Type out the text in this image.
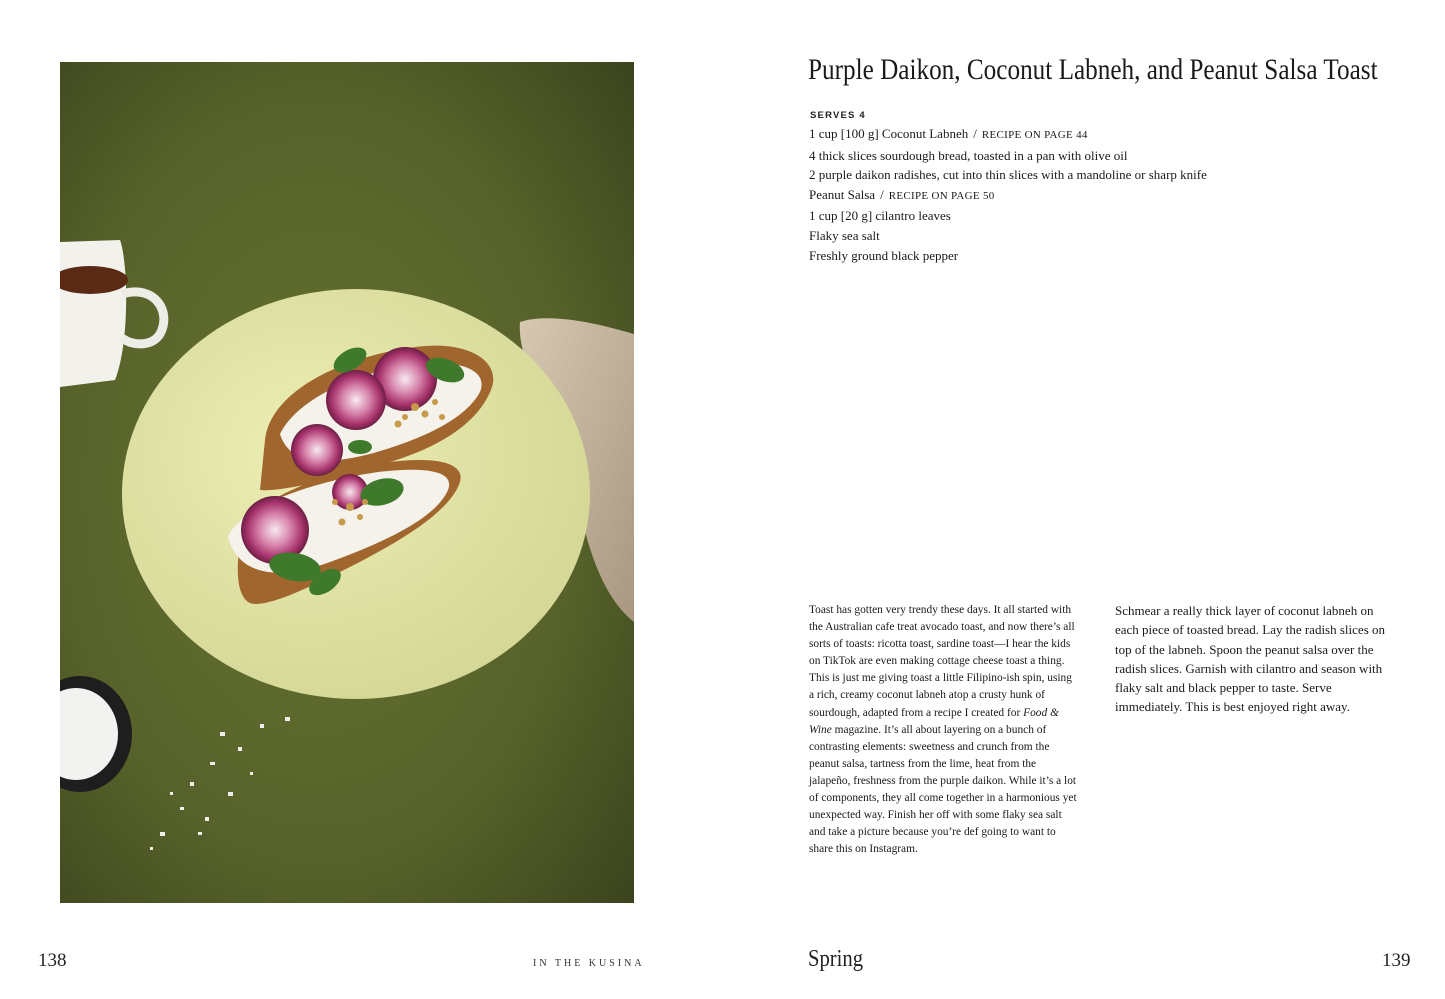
138	IN THE KUSINA
Purple Daikon, Coconut Labneh, and Peanut Salsa Toast
SERVES 4
1 cup [100 g] Coconut Labneh / RECIPE ON PAGE 44
4 thick slices sourdough bread, toasted in a pan with olive oil
2 purple daikon radishes, cut into thin slices with a mandoline or sharp knife
Peanut Salsa / RECIPE ON PAGE 50
1 cup [20 g] cilantro leaves
Flaky sea salt
Freshly ground black pepper

Toast has gotten very trendy these days. It all started with the Australian cafe treat avocado toast, and now there’s all sorts of toasts: ricotta toast, sardine toast—I hear the kids on TikTok are even making cottage cheese toast a thing. This is just me giving toast a little Filipino-ish spin, using a rich, creamy coconut labneh atop a crusty hunk of sourdough, adapted from a recipe I created for Food & Wine magazine. It’s all about layering on a bunch of contrasting elements: sweetness and crunch from the peanut salsa, tartness from the lime, heat from the jalapeño, freshness from the purple daikon. While it’s a lot of components, they all come together in a harmonious yet unexpected way. Finish her off with some flaky sea salt and take a picture because you’re def going to want to share this on Instagram.

Schmear a really thick layer of coconut labneh on each piece of toasted bread. Lay the radish slices on top of the labneh. Spoon the peanut salsa over the radish slices. Garnish with cilantro and season with flaky salt and black pepper to taste. Serve immediately. This is best enjoyed right away.

Spring	139
